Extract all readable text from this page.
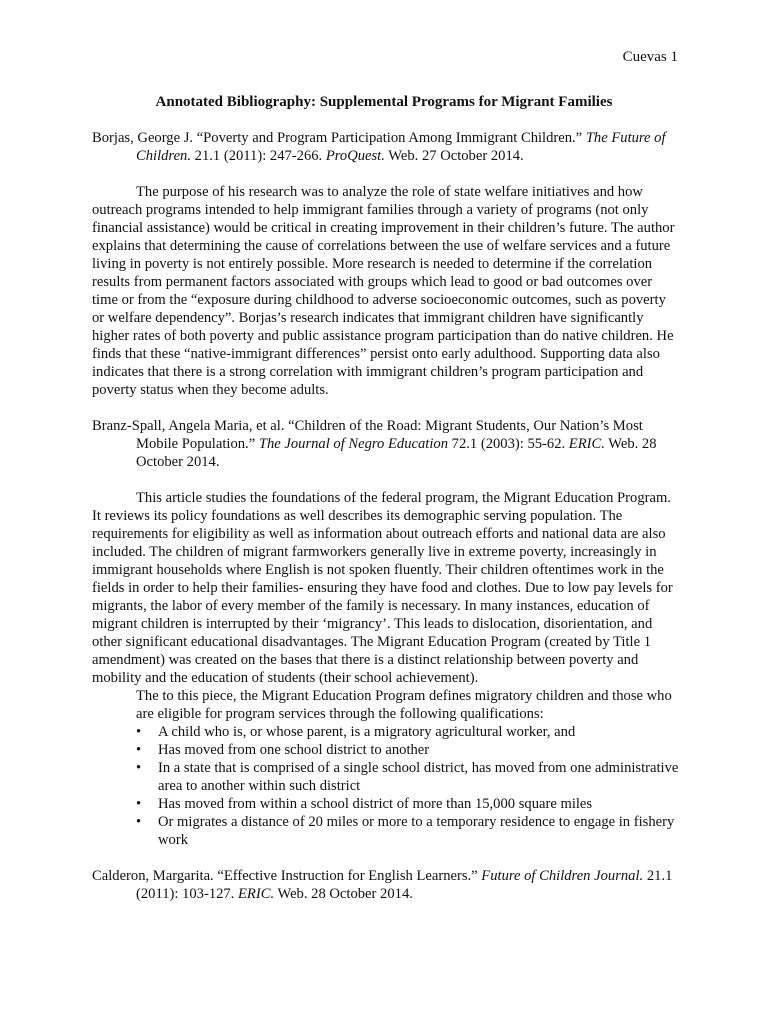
Cuevas 1
Annotated Bibliography: Supplemental Programs for Migrant Families

Borjas, George J. “Poverty and Program Participation Among Immigrant Children.” The Future of Children. 21.1 (2011): 247-266. ProQuest. Web. 27 October 2014.

The purpose of his research was to analyze the role of state welfare initiatives and how outreach programs intended to help immigrant families through a variety of programs (not only financial assistance) would be critical in creating improvement in their children’s future. The author explains that determining the cause of correlations between the use of welfare services and a future living in poverty is not entirely possible. More research is needed to determine if the correlation results from permanent factors associated with groups which lead to good or bad outcomes over time or from the “exposure during childhood to adverse socioeconomic outcomes, such as poverty or welfare dependency”. Borjas’s research indicates that immigrant children have significantly higher rates of both poverty and public assistance program participation than do native children. He finds that these “native-immigrant differences” persist onto early adulthood. Supporting data also indicates that there is a strong correlation with immigrant children’s program participation and poverty status when they become adults.

Branz-Spall, Angela Maria, et al. “Children of the Road: Migrant Students, Our Nation’s Most Mobile Population.” The Journal of Negro Education 72.1 (2003): 55-62. ERIC. Web. 28 October 2014.

This article studies the foundations of the federal program, the Migrant Education Program. It reviews its policy foundations as well describes its demographic serving population. The requirements for eligibility as well as information about outreach efforts and national data are also included. The children of migrant farmworkers generally live in extreme poverty, increasingly in immigrant households where English is not spoken fluently. Their children oftentimes work in the fields in order to help their families- ensuring they have food and clothes. Due to low pay levels for migrants, the labor of every member of the family is necessary. In many instances, education of migrant children is interrupted by their ‘migrancy’. This leads to dislocation, disorientation, and other significant educational disadvantages. The Migrant Education Program (created by Title 1 amendment) was created on the bases that there is a distinct relationship between poverty and mobility and the education of students (their school achievement).

The to this piece, the Migrant Education Program defines migratory children and those who are eligible for program services through the following qualifications:

• A child who is, or whose parent, is a migratory agricultural worker, and
• Has moved from one school district to another
• In a state that is comprised of a single school district, has moved from one administrative area to another within such district
• Has moved from within a school district of more than 15,000 square miles
• Or migrates a distance of 20 miles or more to a temporary residence to engage in fishery work

Calderon, Margarita. “Effective Instruction for English Learners.” Future of Children Journal. 21.1 (2011): 103-127. ERIC. Web. 28 October 2014.
